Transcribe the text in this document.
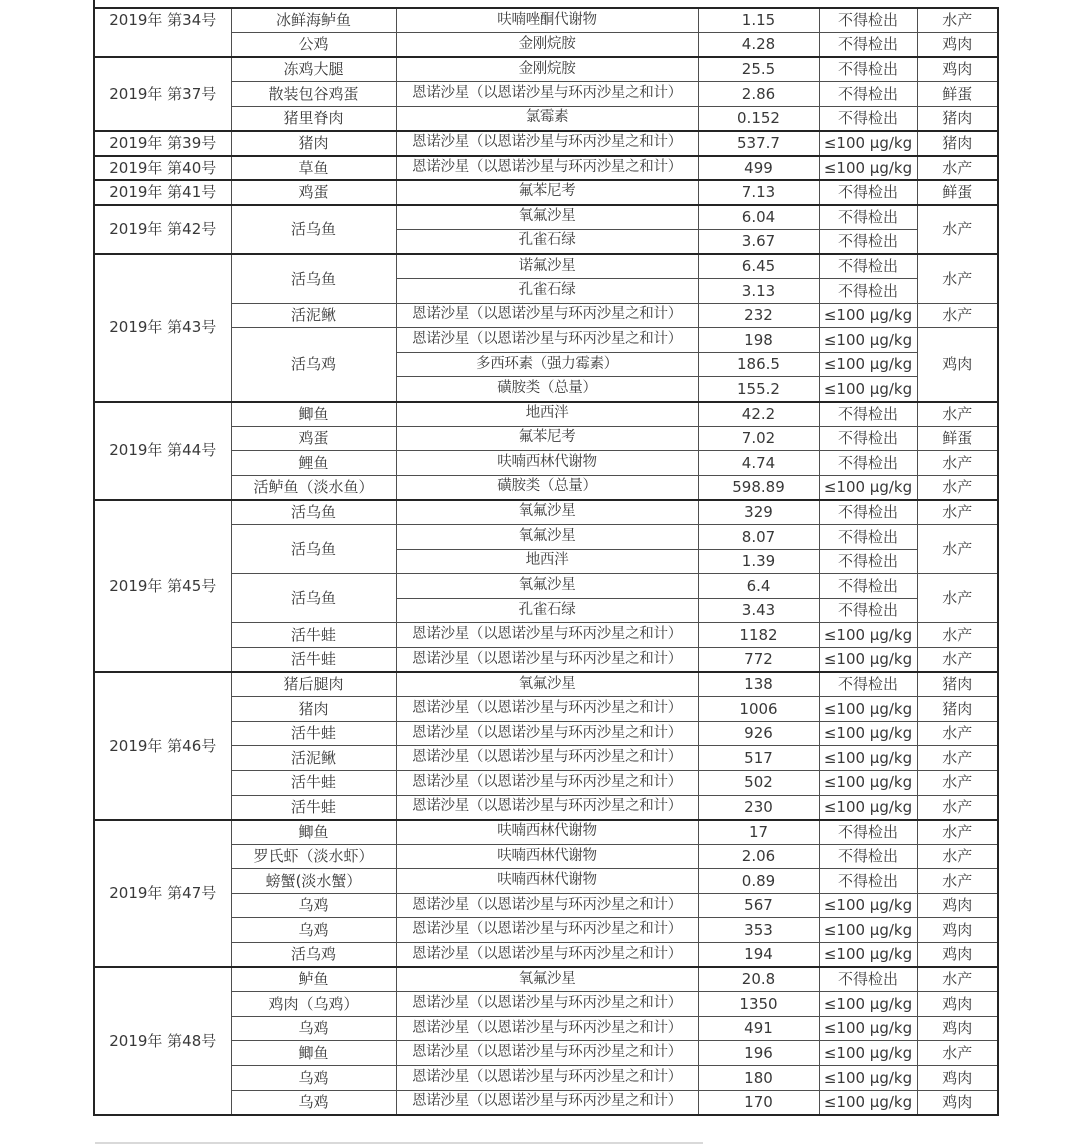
2019年 第34号	冰鲜海鲈鱼	呋喃唑酮代谢物	1.15	不得检出	水产
	公鸡	金刚烷胺	4.28	不得检出	鸡肉
2019年 第37号	冻鸡大腿	金刚烷胺	25.5	不得检出	鸡肉
	散装包谷鸡蛋	恩诺沙星（以恩诺沙星与环丙沙星之和计）	2.86	不得检出	鲜蛋
	猪里脊肉	氯霉素	0.152	不得检出	猪肉
2019年 第39号	猪肉	恩诺沙星（以恩诺沙星与环丙沙星之和计）	537.7	≤100 μg/kg	猪肉
2019年 第40号	草鱼	恩诺沙星（以恩诺沙星与环丙沙星之和计）	499	≤100 μg/kg	水产
2019年 第41号	鸡蛋	氟苯尼考	7.13	不得检出	鲜蛋
2019年 第42号	活乌鱼	氧氟沙星	6.04	不得检出	水产
		孔雀石绿	3.67	不得检出	
2019年 第43号	活乌鱼	诺氟沙星	6.45	不得检出	水产
		孔雀石绿	3.13	不得检出	
	活泥鳅	恩诺沙星（以恩诺沙星与环丙沙星之和计）	232	≤100 μg/kg	水产
	活乌鸡	恩诺沙星（以恩诺沙星与环丙沙星之和计）	198	≤100 μg/kg	鸡肉
		多西环素（强力霉素）	186.5	≤100 μg/kg	
		磺胺类（总量）	155.2	≤100 μg/kg	
2019年 第44号	鲫鱼	地西泮	42.2	不得检出	水产
	鸡蛋	氟苯尼考	7.02	不得检出	鲜蛋
	鲤鱼	呋喃西林代谢物	4.74	不得检出	水产
	活鲈鱼（淡水鱼）	磺胺类（总量）	598.89	≤100 μg/kg	水产
2019年 第45号	活乌鱼	氧氟沙星	329	不得检出	水产
	活乌鱼	氧氟沙星	8.07	不得检出	水产
		地西泮	1.39	不得检出	
	活乌鱼	氧氟沙星	6.4	不得检出	水产
		孔雀石绿	3.43	不得检出	
	活牛蛙	恩诺沙星（以恩诺沙星与环丙沙星之和计）	1182	≤100 μg/kg	水产
	活牛蛙	恩诺沙星（以恩诺沙星与环丙沙星之和计）	772	≤100 μg/kg	水产
2019年 第46号	猪后腿肉	氧氟沙星	138	不得检出	猪肉
	猪肉	恩诺沙星（以恩诺沙星与环丙沙星之和计）	1006	≤100 μg/kg	猪肉
	活牛蛙	恩诺沙星（以恩诺沙星与环丙沙星之和计）	926	≤100 μg/kg	水产
	活泥鳅	恩诺沙星（以恩诺沙星与环丙沙星之和计）	517	≤100 μg/kg	水产
	活牛蛙	恩诺沙星（以恩诺沙星与环丙沙星之和计）	502	≤100 μg/kg	水产
	活牛蛙	恩诺沙星（以恩诺沙星与环丙沙星之和计）	230	≤100 μg/kg	水产
2019年 第47号	鲫鱼	呋喃西林代谢物	17	不得检出	水产
	罗氏虾（淡水虾）	呋喃西林代谢物	2.06	不得检出	水产
	螃蟹(淡水蟹）	呋喃西林代谢物	0.89	不得检出	水产
	乌鸡	恩诺沙星（以恩诺沙星与环丙沙星之和计）	567	≤100 μg/kg	鸡肉
	乌鸡	恩诺沙星（以恩诺沙星与环丙沙星之和计）	353	≤100 μg/kg	鸡肉
	活乌鸡	恩诺沙星（以恩诺沙星与环丙沙星之和计）	194	≤100 μg/kg	鸡肉
2019年 第48号	鲈鱼	氧氟沙星	20.8	不得检出	水产
	鸡肉（乌鸡）	恩诺沙星（以恩诺沙星与环丙沙星之和计）	1350	≤100 μg/kg	鸡肉
	乌鸡	恩诺沙星（以恩诺沙星与环丙沙星之和计）	491	≤100 μg/kg	鸡肉
	鲫鱼	恩诺沙星（以恩诺沙星与环丙沙星之和计）	196	≤100 μg/kg	水产
	乌鸡	恩诺沙星（以恩诺沙星与环丙沙星之和计）	180	≤100 μg/kg	鸡肉
	乌鸡	恩诺沙星（以恩诺沙星与环丙沙星之和计）	170	≤100 μg/kg	鸡肉
